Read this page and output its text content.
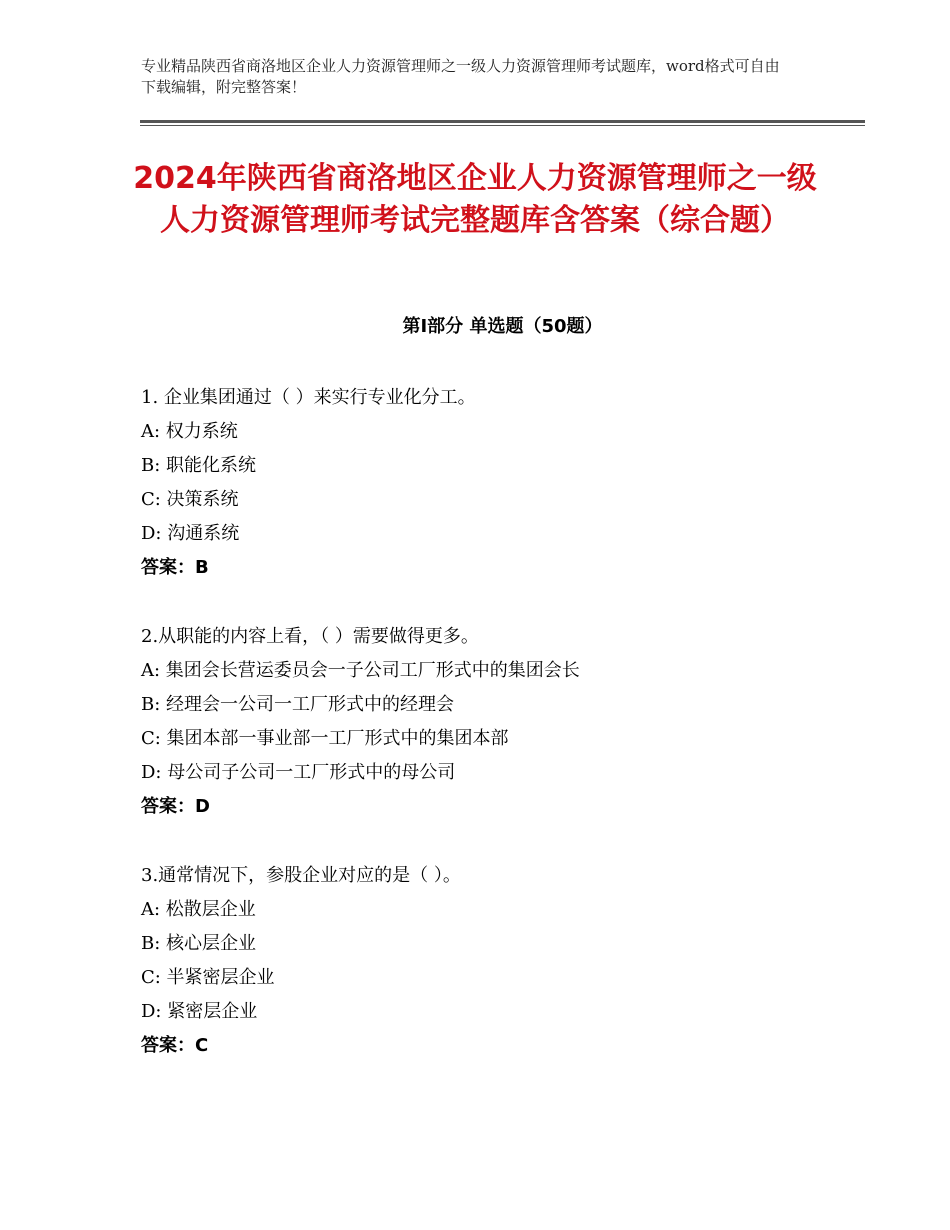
专业精品陕西省商洛地区企业人力资源管理师之一级人力资源管理师考试题库，word格式可自由下载编辑，附完整答案！
2024年陕西省商洛地区企业人力资源管理师之一级人力资源管理师考试完整题库含答案（综合题）
第Ⅰ部分 单选题（50题）
1. 企业集团通过（ ）来实行专业化分工。
A: 权力系统
B: 职能化系统
C: 决策系统
D: 沟通系统
答案：B
2.从职能的内容上看，（ ）需要做得更多。
A: 集团会长营运委员会一子公司工厂形式中的集团会长
B: 经理会一公司一工厂形式中的经理会
C: 集团本部一事业部一工厂形式中的集团本部
D: 母公司子公司一工厂形式中的母公司
答案：D
3.通常情况下，参股企业对应的是（ ）。
A: 松散层企业
B: 核心层企业
C: 半紧密层企业
D: 紧密层企业
答案：C
